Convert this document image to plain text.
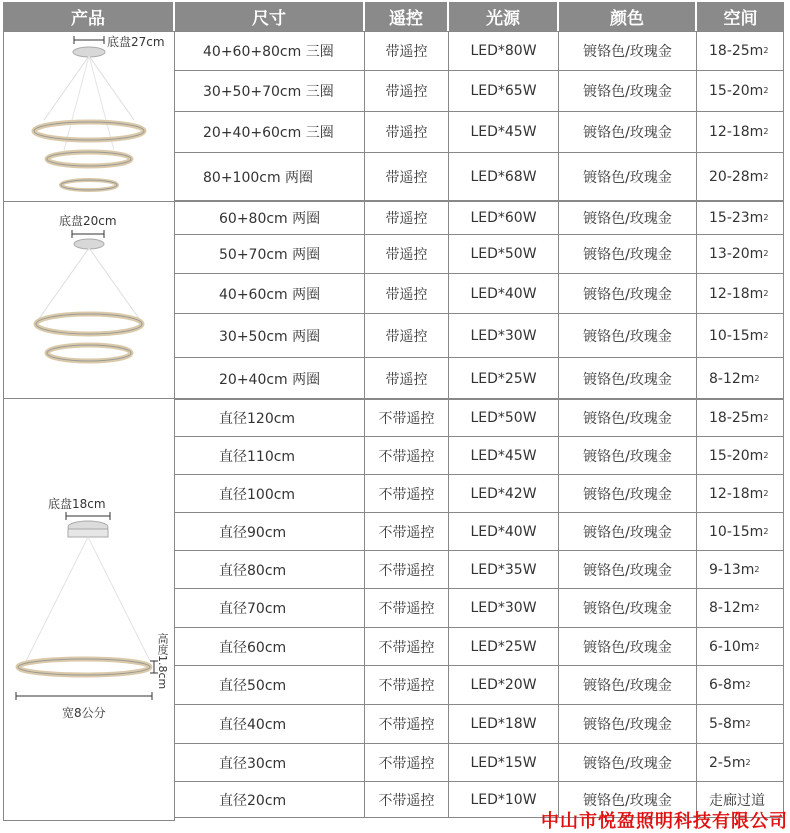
产品	尺寸	遥控	光源	颜色	空间
底盘27cm
底盘20cm
底盘18cm
高度1.8cm
宽8公分
40+60+80cm 三圈	带遥控	LED*80W	镀铬色/玫瑰金	18-25m 2
30+50+70cm 三圈	带遥控	LED*65W	镀铬色/玫瑰金	15-20m 2
20+40+60cm 三圈	带遥控	LED*45W	镀铬色/玫瑰金	12-18m 2
80+100cm 两圈	带遥控	LED*68W	镀铬色/玫瑰金	20-28m 2
60+80cm 两圈	带遥控	LED*60W	镀铬色/玫瑰金	15-23m 2
50+70cm 两圈	带遥控	LED*50W	镀铬色/玫瑰金	13-20m 2
40+60cm 两圈	带遥控	LED*40W	镀铬色/玫瑰金	12-18m 2
30+50cm 两圈	带遥控	LED*30W	镀铬色/玫瑰金	10-15m 2
20+40cm 两圈	带遥控	LED*25W	镀铬色/玫瑰金	8-12m 2
直径120cm	不带遥控	LED*50W	镀铬色/玫瑰金	18-25m 2
直径110cm	不带遥控	LED*45W	镀铬色/玫瑰金	15-20m 2
直径100cm	不带遥控	LED*42W	镀铬色/玫瑰金	12-18m 2
直径90cm	不带遥控	LED*40W	镀铬色/玫瑰金	10-15m 2
直径80cm	不带遥控	LED*35W	镀铬色/玫瑰金	9-13m 2
直径70cm	不带遥控	LED*30W	镀铬色/玫瑰金	8-12m 2
直径60cm	不带遥控	LED*25W	镀铬色/玫瑰金	6-10m 2
直径50cm	不带遥控	LED*20W	镀铬色/玫瑰金	6-8m 2
直径40cm	不带遥控	LED*18W	镀铬色/玫瑰金	5-8m 2
直径30cm	不带遥控	LED*15W	镀铬色/玫瑰金	2-5m 2
直径20cm	不带遥控	LED*10W	镀铬色/玫瑰金	走廊过道
中山市悦盈照明科技有限公司
